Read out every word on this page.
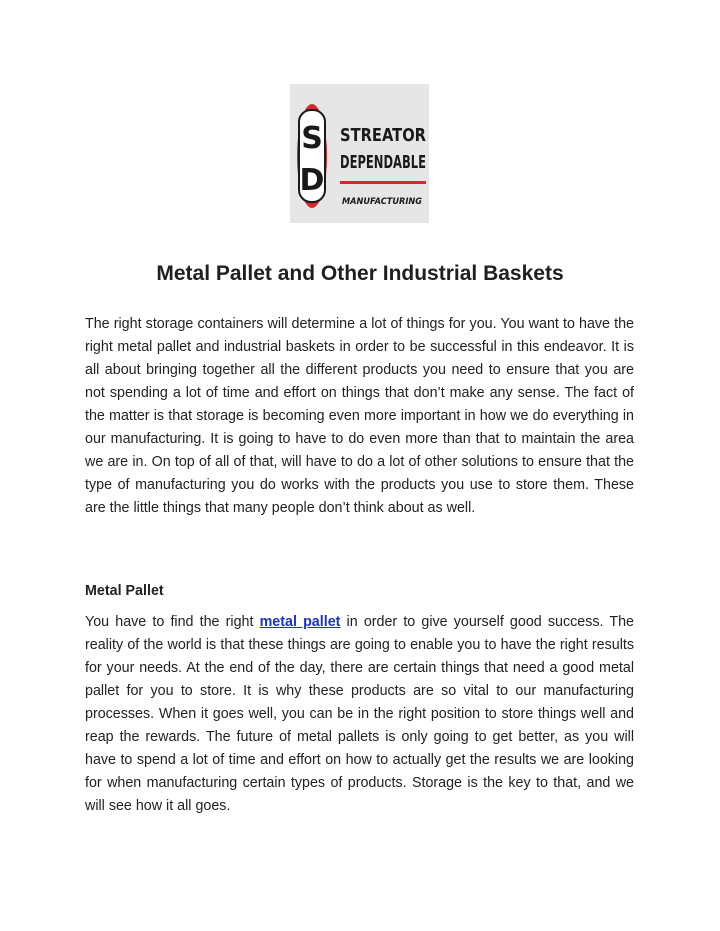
S
D
STREATOR
DEPENDABLE
MANUFACTURING
Metal Pallet and Other Industrial Baskets

The right storage containers will determine a lot of things for you. You want to have the right metal pallet and industrial baskets in order to be successful in this endeavor. It is all about bringing together all the different products you need to ensure that you are not spending a lot of time and effort on things that don’t make any sense. The fact of the matter is that storage is becoming even more important in how we do everything in our manufacturing. It is going to have to do even more than that to maintain the area we are in. On top of all of that, will have to do a lot of other solutions to ensure that the type of manufacturing you do works with the products you use to store them. These are the little things that many people don’t think about as well.

Metal Pallet

You have to find the right metal pallet in order to give yourself good success. The reality of the world is that these things are going to enable you to have the right results for your needs. At the end of the day, there are certain things that need a good metal pallet for you to store. It is why these products are so vital to our manufacturing processes. When it goes well, you can be in the right position to store things well and reap the rewards. The future of metal pallets is only going to get better, as you will have to spend a lot of time and effort on how to actually get the results we are looking for when manufacturing certain types of products. Storage is the key to that, and we will see how it all goes.
